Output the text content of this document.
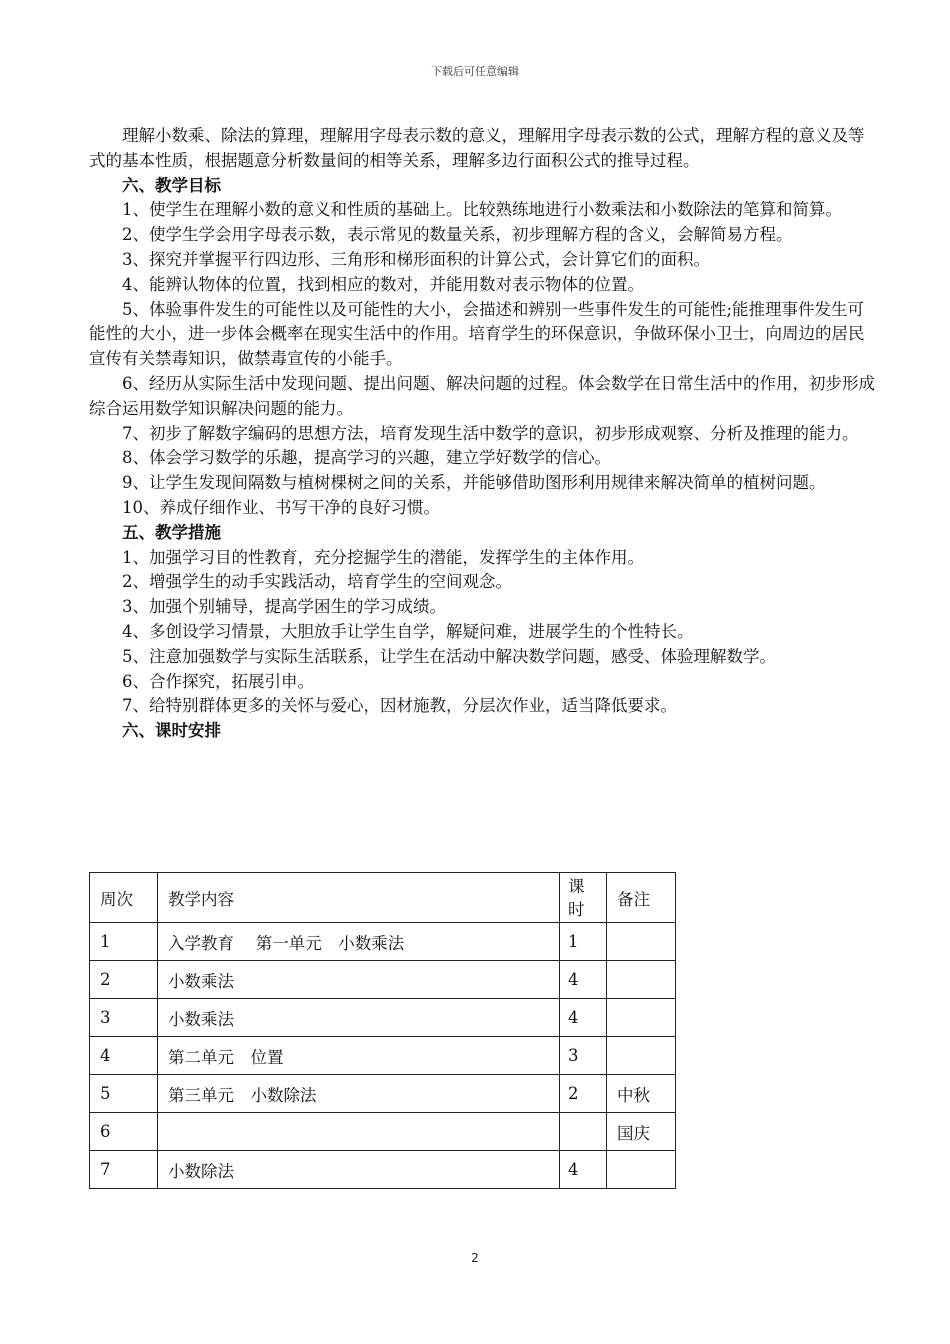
下载后可任意编辑

理解小数乘、除法的算理，理解用字母表示数的意义，理解用字母表示数的公式，理解方程的意义及等式的基本性质，根据题意分析数量间的相等关系，理解多边行面积公式的推导过程。

六、教学目标

1、使学生在理解小数的意义和性质的基础上。比较熟练地进行小数乘法和小数除法的笔算和简算。

2、使学生学会用字母表示数，表示常见的数量关系，初步理解方程的含义，会解简易方程。

3、探究并掌握平行四边形、三角形和梯形面积的计算公式，会计算它们的面积。

4、能辨认物体的位置，找到相应的数对，并能用数对表示物体的位置。

5、体验事件发生的可能性以及可能性的大小，会描述和辨别一些事件发生的可能性;能推理事件发生可能性的大小，进一步体会概率在现实生活中的作用。培育学生的环保意识，争做环保小卫士，向周边的居民宣传有关禁毒知识，做禁毒宣传的小能手。

6、经历从实际生活中发现问题、提出问题、解决问题的过程。体会数学在日常生活中的作用，初步形成综合运用数学知识解决问题的能力。

7、初步了解数字编码的思想方法，培育发现生活中数学的意识，初步形成观察、分析及推理的能力。

8、体会学习数学的乐趣，提高学习的兴趣，建立学好数学的信心。

9、让学生发现间隔数与植树棵树之间的关系，并能够借助图形利用规律来解决简单的植树问题。

10、养成仔细作业、书写干净的良好习惯。

五、教学措施

1、加强学习目的性教育，充分挖掘学生的潜能，发挥学生的主体作用。

2、增强学生的动手实践活动，培育学生的空间观念。

3、加强个别辅导，提高学困生的学习成绩。

4、多创设学习情景，大胆放手让学生自学，解疑问难，进展学生的个性特长。

5、注意加强数学与实际生活联系，让学生在活动中解决数学问题，感受、体验理解数学。

6、合作探究，拓展引申。

7、给特别群体更多的关怀与爱心，因材施教，分层次作业，适当降低要求。

六、课时安排

周次	教学内容	课时	备注
1	入学教育　 第一单元　小数乘法	1	
2	小数乘法	4	
3	小数乘法	4	
4	第二单元　位置	3	
5	第三单元　小数除法	2	中秋
6			国庆
7	小数除法	4	
2
